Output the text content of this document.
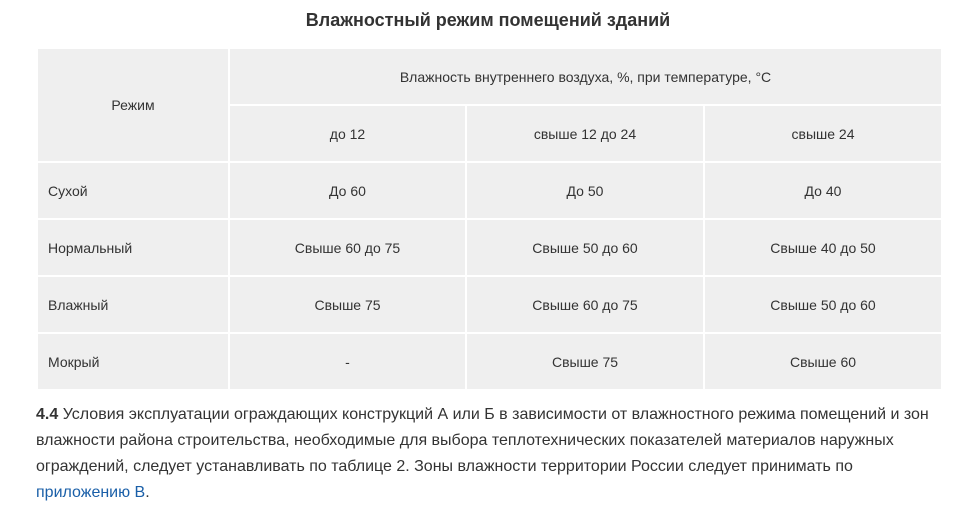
Влажностный режим помещений зданий
Режим	Влажность внутреннего воздуха, %, при температуре, °С		
	до 12	свыше 12 до 24	свыше 24
Сухой	До 60	До 50	До 40
Нормальный	Свыше 60 до 75	Свыше 50 до 60	Свыше 40 до 50
Влажный	Свыше 75	Свыше 60 до 75	Свыше 50 до 60
Мокрый	-	Свыше 75	Свыше 60
4.4 Условия эксплуатации ограждающих конструкций А или Б в зависимости от влажностного режима помещений и зон влажности района строительства, необходимые для выбора теплотехнических показателей материалов наружных ограждений, следует устанавливать по таблице 2. Зоны влажности территории России следует принимать по приложению В.
